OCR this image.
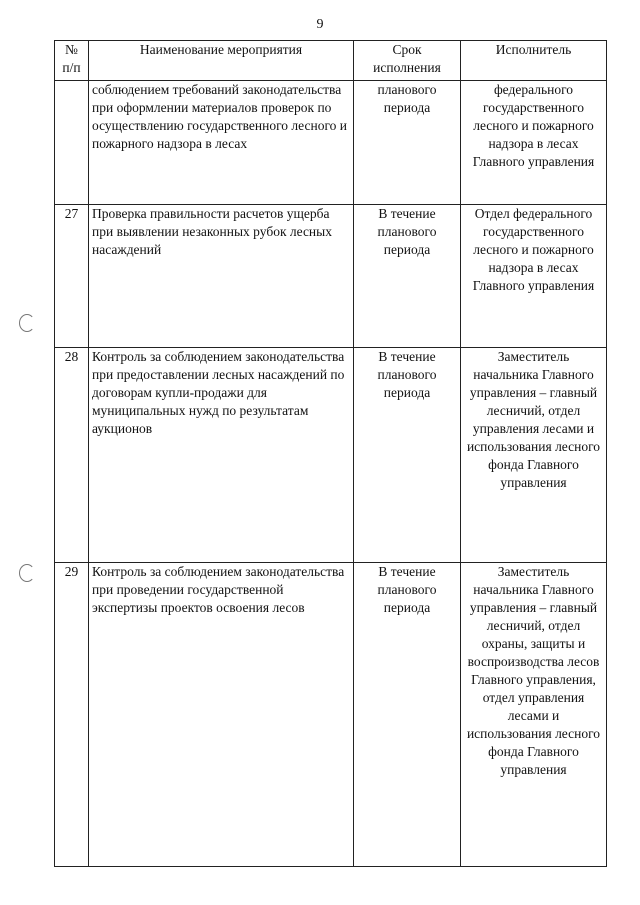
9
№ п/п	Наименование мероприятия	Срок исполнения	Исполнитель
	соблюдением требований законодательства при оформлении материалов проверок по осуществлению государственного лесного и пожарного надзора в лесах	планового периода	федерального государственного лесного и пожарного надзора в лесах Главного управления
27	Проверка правильности расчетов ущерба при выявлении незаконных рубок лесных насаждений	В течение планового периода	Отдел федерального государственного лесного и пожарного надзора в лесах Главного управления
28	Контроль за соблюдением законодательства при предоставлении лесных насаждений по договорам купли-продажи для муниципальных нужд по результатам аукционов	В течение планового периода	Заместитель начальника Главного управления – главный лесничий, отдел управления лесами и использования лесного фонда Главного управления
29	Контроль за соблюдением законодательства при проведении государственной экспертизы проектов освоения лесов	В течение планового периода	Заместитель начальника Главного управления – главный лесничий, отдел охраны, защиты и воспроизводства лесов Главного управления, отдел управления лесами и использования лесного фонда Главного управления
